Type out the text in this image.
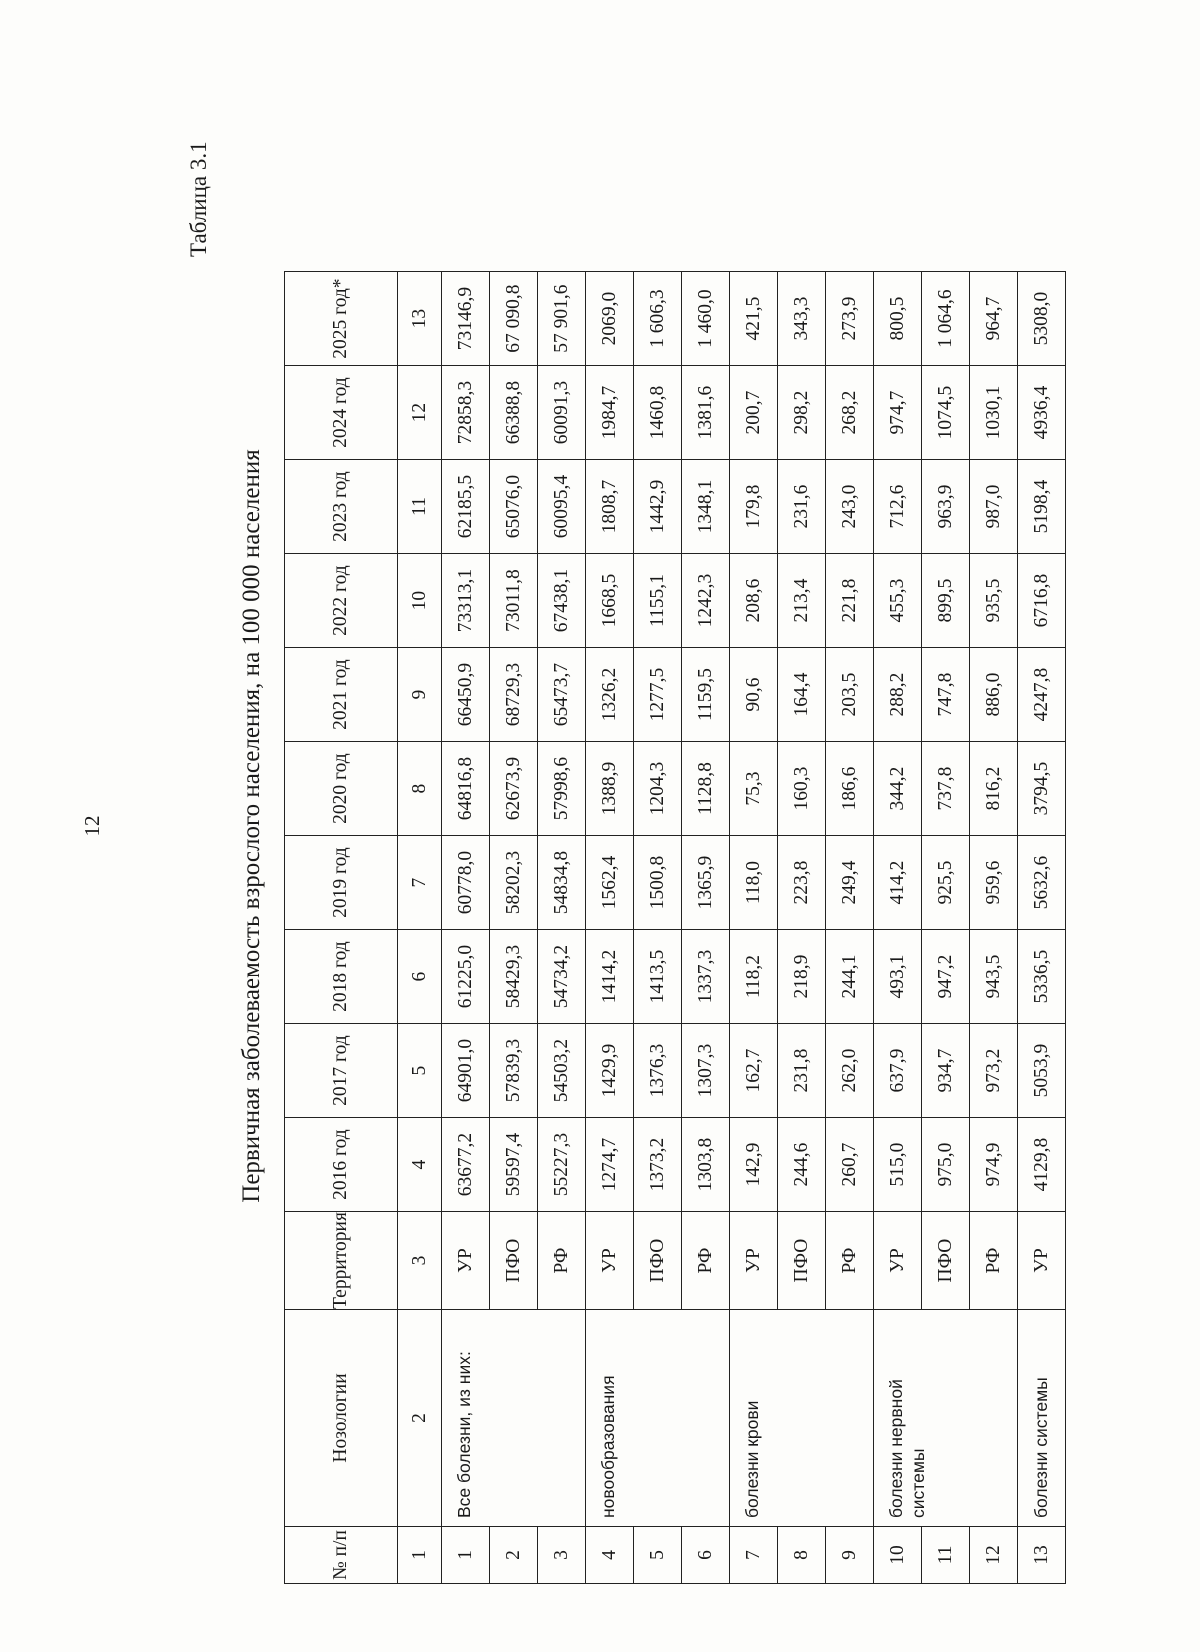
12
Таблица 3.1
Первичная заболеваемость взрослого населения, на 100 000 населения
№ п/п	Нозологии	Территория	2016 год	2017 год	2018 год	2019 год	2020 год	2021 год	2022 год	2023 год	2024 год	2025 год*
1	2	3	4	5	6	7	8	9	10	11	12	13
1	Все болезни, из них:	УР	63677,2	64901,0	61225,0	60778,0	64816,8	66450,9	73313,1	62185,5	72858,3	73146,9
2		ПФО	59597,4	57839,3	58429,3	58202,3	62673,9	68729,3	73011,8	65076,0	66388,8	67 090,8
3		РФ	55227,3	54503,2	54734,2	54834,8	57998,6	65473,7	67438,1	60095,4	60091,3	57 901,6
4	новообразования	УР	1274,7	1429,9	1414,2	1562,4	1388,9	1326,2	1668,5	1808,7	1984,7	2069,0
5		ПФО	1373,2	1376,3	1413,5	1500,8	1204,3	1277,5	1155,1	1442,9	1460,8	1 606,3
6		РФ	1303,8	1307,3	1337,3	1365,9	1128,8	1159,5	1242,3	1348,1	1381,6	1 460,0
7	болезни крови	УР	142,9	162,7	118,2	118,0	75,3	90,6	208,6	179,8	200,7	421,5
8		ПФО	244,6	231,8	218,9	223,8	160,3	164,4	213,4	231,6	298,2	343,3
9		РФ	260,7	262,0	244,1	249,4	186,6	203,5	221,8	243,0	268,2	273,9
10	болезни нервной системы	УР	515,0	637,9	493,1	414,2	344,2	288,2	455,3	712,6	974,7	800,5
11		ПФО	975,0	934,7	947,2	925,5	737,8	747,8	899,5	963,9	1074,5	1 064,6
12		РФ	974,9	973,2	943,5	959,6	816,2	886,0	935,5	987,0	1030,1	964,7
13	болезни системы	УР	4129,8	5053,9	5336,5	5632,6	3794,5	4247,8	6716,8	5198,4	4936,4	5308,0
